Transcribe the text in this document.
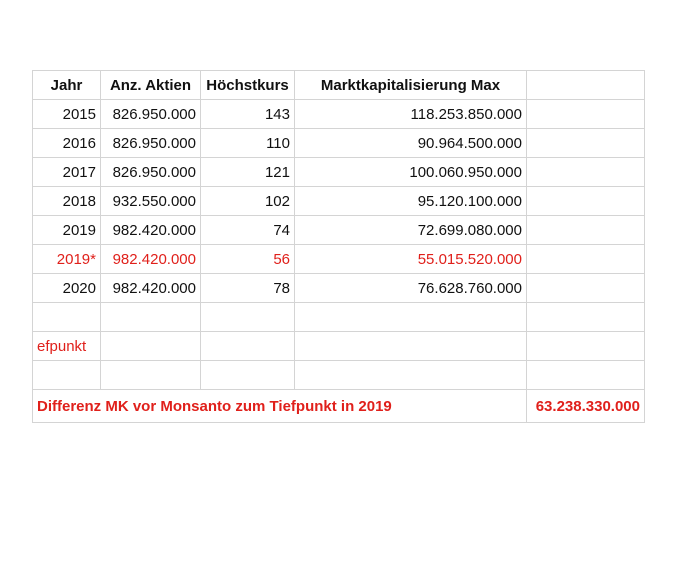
Jahr	Anz. Aktien	Höchstkurs	Marktkapitalisierung Max	
2015	826.950.000	143	118.253.850.000	
2016	826.950.000	110	90.964.500.000	
2017	826.950.000	121	100.060.950.000	
2018	932.550.000	102	95.120.100.000	
2019	982.420.000	74	72.699.080.000	
2019*	982.420.000	56	55.015.520.000	
2020	982.420.000	78	76.628.760.000	

efpunkt				

Differenz MK vor Monsanto zum Tiefpunkt in 2019				63.238.330.000
